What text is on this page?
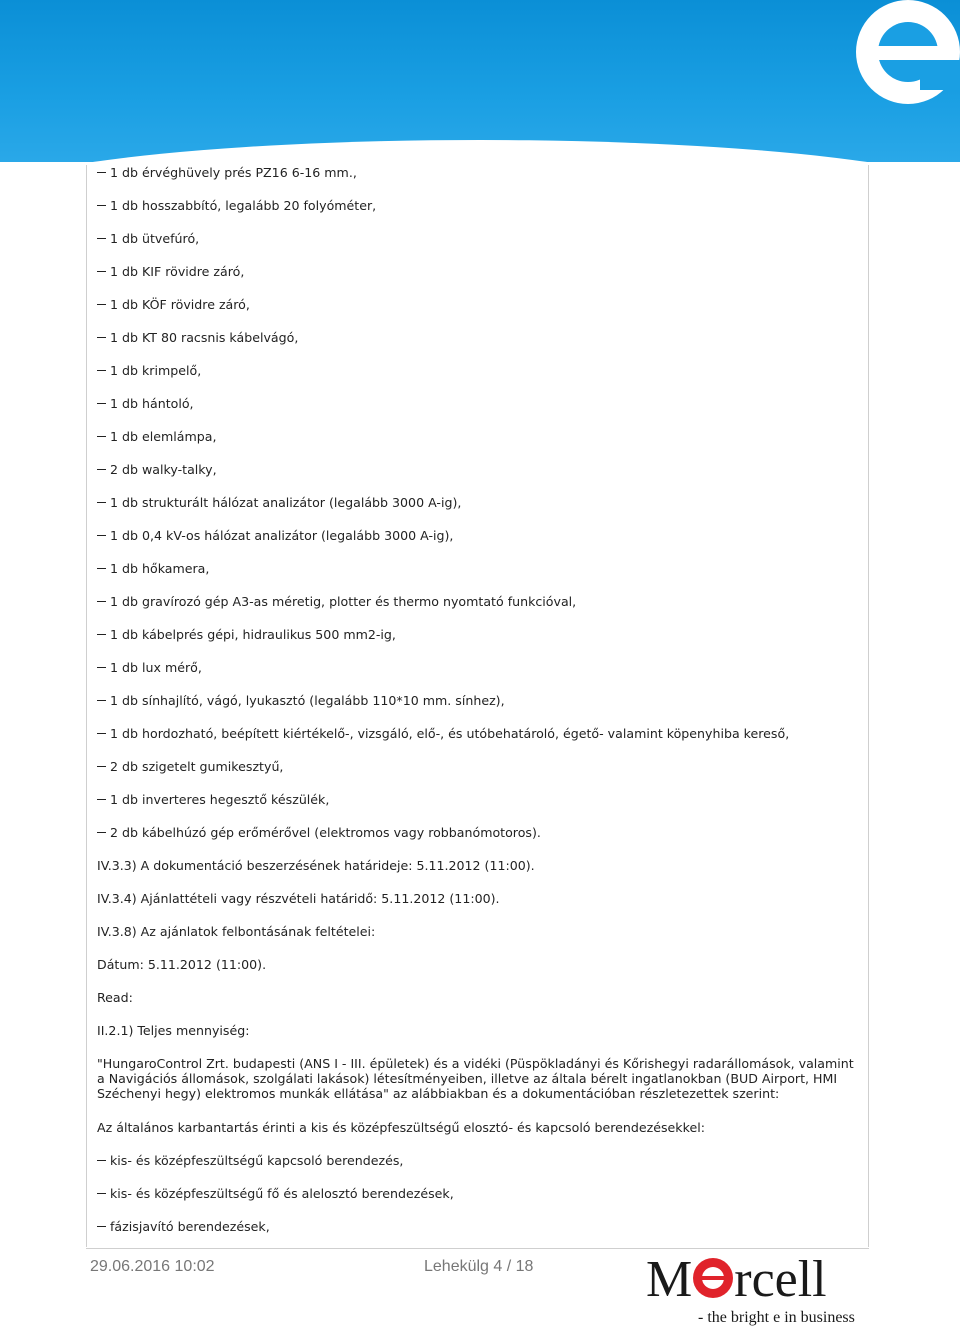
1 db érvéghüvely prés PZ16 6-16 mm.,
1 db hosszabbító, legalább 20 folyóméter,
1 db ütvefúró,
1 db KIF rövidre záró,
1 db KÖF rövidre záró,
1 db KT 80 racsnis kábelvágó,
1 db krimpelő,
1 db hántoló,
1 db elemlámpa,
2 db walky-talky,
1 db strukturált hálózat analizátor (legalább 3000 A-ig),
1 db 0,4 kV-os hálózat analizátor (legalább 3000 A-ig),
1 db hőkamera,
1 db gravírozó gép A3-as méretig, plotter és thermo nyomtató funkcióval,
1 db kábelprés gépi, hidraulikus 500 mm2-ig,
1 db lux mérő,
1 db sínhajlító, vágó, lyukasztó (legalább 110*10 mm. sínhez),
1 db hordozható, beépített kiértékelő-, vizsgáló, elő-, és utóbehatároló, égető- valamint köpenyhiba kereső,
2 db szigetelt gumikesztyű,
1 db inverteres hegesztő készülék,
2 db kábelhúzó gép erőmérővel (elektromos vagy robbanómotoros).
IV.3.3) A dokumentáció beszerzésének határideje: 5.11.2012 (11:00).
IV.3.4) Ajánlattételi vagy részvételi határidő: 5.11.2012 (11:00).
IV.3.8) Az ajánlatok felbontásának feltételei:
Dátum: 5.11.2012 (11:00).
Read:
II.2.1) Teljes mennyiség:
"HungaroControl Zrt. budapesti (ANS I - III. épületek) és a vidéki (Püspökladányi és Kőrishegyi radarállomások, valamint a Navigációs állomások, szolgálati lakások) létesítményeiben, illetve az általa bérelt ingatlanokban (BUD Airport, HMI Széchenyi hegy) elektromos munkák ellátása" az alábbiakban és a dokumentációban részletezettek szerint:
Az általános karbantartás érinti a kis és középfeszültségű elosztó- és kapcsoló berendezésekkel:
kis- és középfeszültségű kapcsoló berendezés,
kis- és középfeszültségű fő és alelosztó berendezések,
fázisjavító berendezések,
29.06.2016 10:02	Lehekülg 4 / 18 M rcell
- the bright e in business
